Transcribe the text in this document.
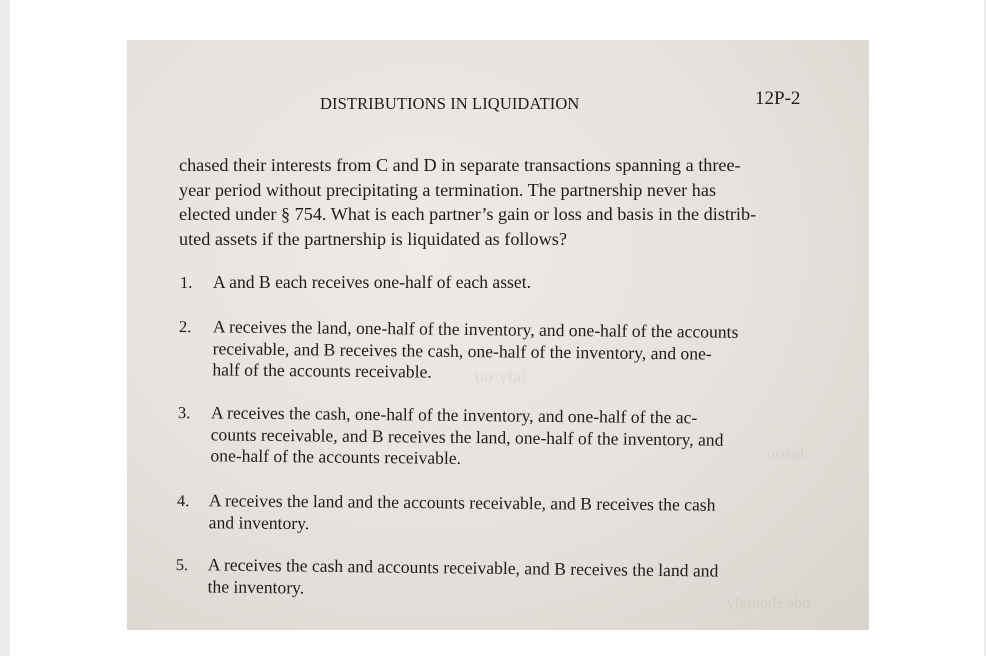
uo·ytai
ooaul
ylgmotle sbo
DISTRIBUTIONS IN LIQUIDATION	12P-2
chased their interests from C and D in separate transactions spanning a three-
year period without precipitating a termination. The partnership never has
elected under § 754. What is each partner’s gain or loss and basis in the distrib-
uted assets if the partnership is liquidated as follows?
1. A and B each receives one-half of each asset.
2. A receives the land, one-half of the inventory, and one-half of the accounts
receivable, and B receives the cash, one-half of the inventory, and one-
half of the accounts receivable.
3. A receives the cash, one-half of the inventory, and one-half of the ac-
counts receivable, and B receives the land, one-half of the inventory, and
one-half of the accounts receivable.
4. A receives the land and the accounts receivable, and B receives the cash
and inventory.
5. A receives the cash and accounts receivable, and B receives the land and
the inventory.
